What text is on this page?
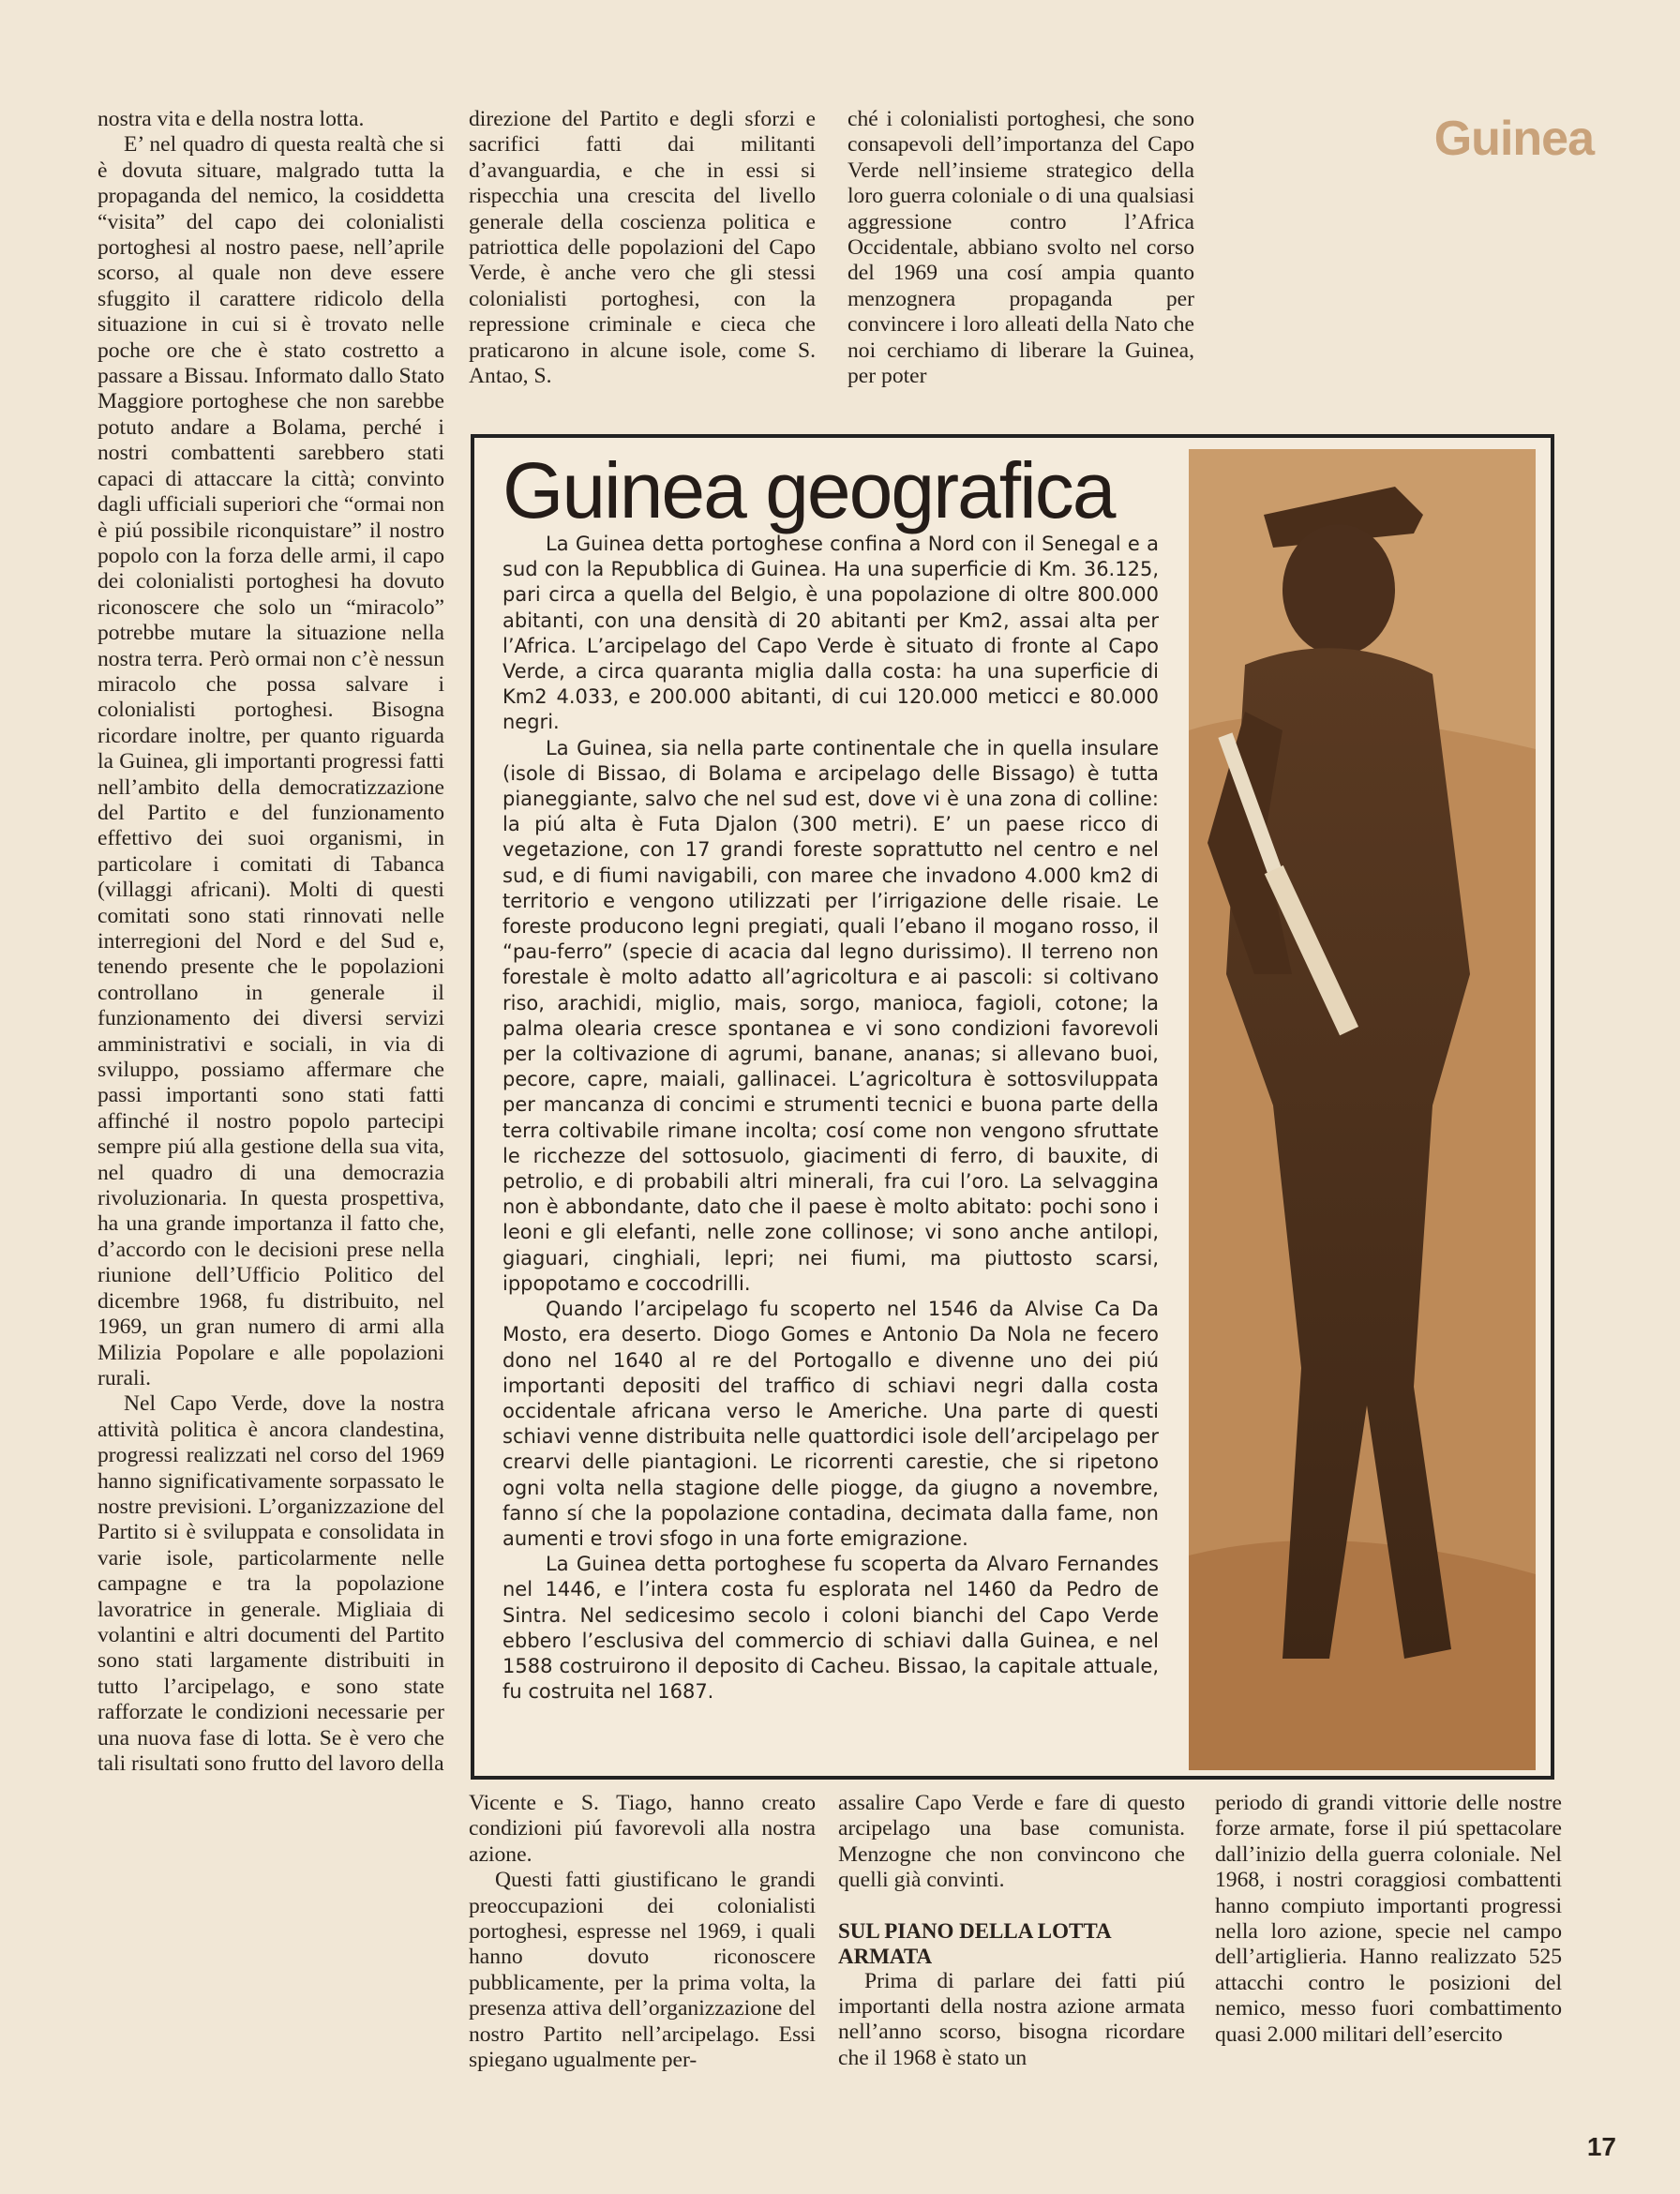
Guinea

nostra vita e della nostra lotta.

E’ nel quadro di questa realtà che si è dovuta situare, malgrado tutta la propaganda del nemico, la cosiddetta “visita” del capo dei colonialisti portoghesi al nostro paese, nell’aprile scorso, al quale non deve essere sfuggito il carattere ridicolo della situazione in cui si è trovato nelle poche ore che è stato costretto a passare a Bissau. Informato dallo Stato Maggiore portoghese che non sarebbe potuto andare a Bolama, perché i nostri combattenti sarebbero stati capaci di attaccare la città; convinto dagli ufficiali superiori che “ormai non è piú possibile riconquistare” il nostro popolo con la forza delle armi, il capo dei colonialisti portoghesi ha dovuto riconoscere che solo un “miracolo” potrebbe mutare la situazione nella nostra terra. Però ormai non c’è nessun miracolo che possa salvare i colonialisti portoghesi. Bisogna ricordare inoltre, per quanto riguarda la Guinea, gli importanti progressi fatti nell’ambito della democratizzazione del Partito e del funzionamento effettivo dei suoi organismi, in particolare i comitati di Tabanca (villaggi africani). Molti di questi comitati sono stati rinnovati nelle interregioni del Nord e del Sud e, tenendo presente che le popolazioni controllano in generale il funzionamento dei diversi servizi amministrativi e sociali, in via di sviluppo, possiamo affermare che passi importanti sono stati fatti affinché il nostro popolo partecipi sempre piú alla gestione della sua vita, nel quadro di una democrazia rivoluzionaria. In questa prospettiva, ha una grande importanza il fatto che, d’accordo con le decisioni prese nella riunione dell’Ufficio Politico del dicembre 1968, fu distribuito, nel 1969, un gran numero di armi alla Milizia Popolare e alle popolazioni rurali.

Nel Capo Verde, dove la nostra attività politica è ancora clandestina, progressi realizzati nel corso del 1969 hanno significativamente sorpassato le nostre previsioni. L’organizzazione del Partito si è sviluppata e consolidata in varie isole, particolarmente nelle campagne e tra la popolazione lavoratrice in generale. Migliaia di volantini e altri documenti del Partito sono stati largamente distribuiti in tutto l’arcipelago, e sono state rafforzate le condizioni necessarie per una nuova fase di lotta. Se è vero che tali risultati sono frutto del lavoro della

direzione del Partito e degli sforzi e sacrifici fatti dai militanti d’avanguardia, e che in essi si rispecchia una crescita del livello generale della coscienza politica e patriottica delle popolazioni del Capo Verde, è anche vero che gli stessi colonialisti portoghesi, con la repressione criminale e cieca che praticarono in alcune isole, come S. Antao, S.

ché i colonialisti portoghesi, che sono consapevoli dell’importanza del Capo Verde nell’insieme strategico della loro guerra coloniale o di una qualsiasi aggressione contro l’Africa Occidentale, abbiano svolto nel corso del 1969 una cosí ampia quanto menzognera propaganda per convincere i loro alleati della Nato che noi cerchiamo di liberare la Guinea, per poter

Guinea geografica

La Guinea detta portoghese confina a Nord con il Senegal e a sud con la Repubblica di Guinea. Ha una superficie di Km. 36.125, pari circa a quella del Belgio, è una popolazione di oltre 800.000 abitanti, con una densità di 20 abitanti per Km2, assai alta per l’Africa. L’arcipelago del Capo Verde è situato di fronte al Capo Verde, a circa quaranta miglia dalla costa: ha una superficie di Km2 4.033, e 200.000 abitanti, di cui 120.000 meticci e 80.000 negri.

La Guinea, sia nella parte continentale che in quella insulare (isole di Bissao, di Bolama e arcipelago delle Bissago) è tutta pianeggiante, salvo che nel sud est, dove vi è una zona di colline: la piú alta è Futa Djalon (300 metri). E’ un paese ricco di vegetazione, con 17 grandi foreste soprattutto nel centro e nel sud, e di fiumi navigabili, con maree che invadono 4.000 km2 di territorio e vengono utilizzati per l’irrigazione delle risaie. Le foreste producono legni pregiati, quali l’ebano il mogano rosso, il “pau-ferro” (specie di acacia dal legno durissimo). Il terreno non forestale è molto adatto all’agricoltura e ai pascoli: si coltivano riso, arachidi, miglio, mais, sorgo, manioca, fagioli, cotone; la palma olearia cresce spontanea e vi sono condizioni favorevoli per la coltivazione di agrumi, banane, ananas; si allevano buoi, pecore, capre, maiali, gallinacei. L’agricoltura è sottosviluppata per mancanza di concimi e strumenti tecnici e buona parte della terra coltivabile rimane incolta; cosí come non vengono sfruttate le ricchezze del sottosuolo, giacimenti di ferro, di bauxite, di petrolio, e di probabili altri minerali, fra cui l’oro. La selvaggina non è abbondante, dato che il paese è molto abitato: pochi sono i leoni e gli elefanti, nelle zone collinose; vi sono anche antilopi, giaguari, cinghiali, lepri; nei fiumi, ma piuttosto scarsi, ippopotamo e coccodrilli.

Quando l’arcipelago fu scoperto nel 1546 da Alvise Ca Da Mosto, era deserto. Diogo Gomes e Antonio Da Nola ne fecero dono nel 1640 al re del Portogallo e divenne uno dei piú importanti depositi del traffico di schiavi negri dalla costa occidentale africana verso le Americhe. Una parte di questi schiavi venne distribuita nelle quattordici isole dell’arcipelago per crearvi delle piantagioni. Le ricorrenti carestie, che si ripetono ogni volta nella stagione delle piogge, da giugno a novembre, fanno sí che la popolazione contadina, decimata dalla fame, non aumenti e trovi sfogo in una forte emigrazione.

La Guinea detta portoghese fu scoperta da Alvaro Fernandes nel 1446, e l’intera costa fu esplorata nel 1460 da Pedro de Sintra. Nel sedicesimo secolo i coloni bianchi del Capo Verde ebbero l’esclusiva del commercio di schiavi dalla Guinea, e nel 1588 costruirono il deposito di Cacheu. Bissao, la capitale attuale, fu costruita nel 1687.

Vicente e S. Tiago, hanno creato condizioni piú favorevoli alla nostra azione.

Questi fatti giustificano le grandi preoccupazioni dei colonialisti portoghesi, espresse nel 1969, i quali hanno dovuto riconoscere pubblicamente, per la prima volta, la presenza attiva dell’organizzazione del nostro Partito nell’arcipelago. Essi spiegano ugualmente per-

assalire Capo Verde e fare di questo arcipelago una base comunista. Menzogne che non convincono che quelli già convinti.

SUL PIANO DELLA LOTTA ARMATA

Prima di parlare dei fatti piú importanti della nostra azione armata nell’anno scorso, bisogna ricordare che il 1968 è stato un

periodo di grandi vittorie delle nostre forze armate, forse il piú spettacolare dall’inizio della guerra coloniale. Nel 1968, i nostri coraggiosi combattenti hanno compiuto importanti progressi nella loro azione, specie nel campo dell’artiglieria. Hanno realizzato 525 attacchi contro le posizioni del nemico, messo fuori combattimento quasi 2.000 militari dell’esercito

17
